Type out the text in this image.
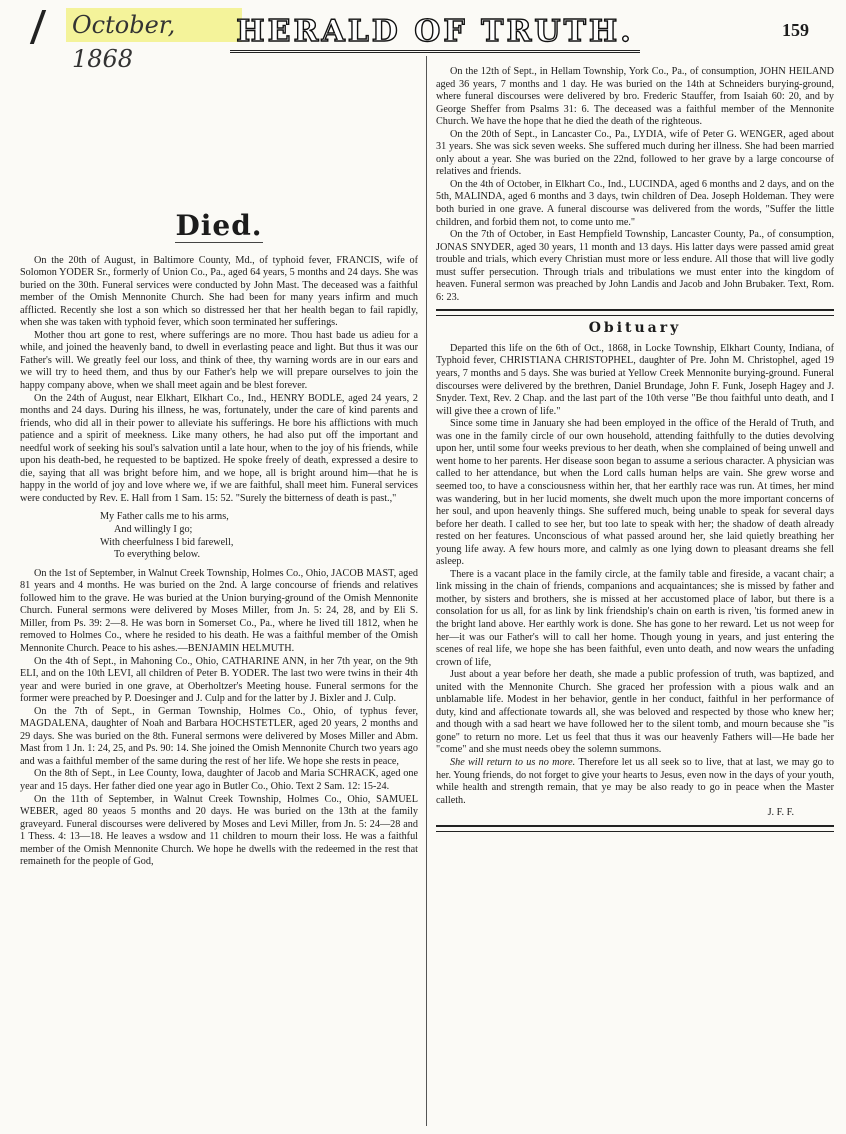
October, 1868
HERALD OF TRUTH.	159
Died.

On the 20th of August, in Baltimore County, Md., of typhoid fever, FRANCIS, wife of Solomon YODER Sr., formerly of Union Co., Pa., aged 64 years, 5 months and 24 days. She was buried on the 30th. Funeral services were conducted by John Mast. The deceased was a faithful member of the Omish Mennonite Church. She had been for many years infirm and much afflicted. Recently she lost a son which so distressed her that her health began to fail rapidly, when she was taken with typhoid fever, which soon terminated her sufferings.

Mother thou art gone to rest, where sufferings are no more. Thou hast bade us adieu for a while, and joined the heavenly band, to dwell in everlasting peace and light. But thus it was our Father's will. We greatly feel our loss, and think of thee, thy warning words are in our ears and we will try to heed them, and thus by our Father's help we will prepare ourselves to join the happy company above, when we shall meet again and be blest forever.

On the 24th of August, near Elkhart, Elkhart Co., Ind., HENRY BODLE, aged 24 years, 2 months and 24 days. During his illness, he was, fortunately, under the care of kind parents and friends, who did all in their power to alleviate his sufferings. He bore his afflictions with much patience and a spirit of meekness. Like many others, he had also put off the important and needful work of seeking his soul's salvation until a late hour, when to the joy of his friends, while upon his death-bed, he requested to be baptized. He spoke freely of death, expressed a desire to die, saying that all was bright before him, and we hope, all is bright around him—that he is happy in the world of joy and love where we, if we are faithful, shall meet him. Funeral services were conducted by Rev. E. Hall from 1 Sam. 15: 52. "Surely the bitterness of death is past.,"

My Father calls me to his arms,
And willingly I go;
With cheerfulness I bid farewell,
To everything below.

On the 1st of September, in Walnut Creek Township, Holmes Co., Ohio, JACOB MAST, aged 81 years and 4 months. He was buried on the 2nd. A large concourse of friends and relatives followed him to the grave. He was buried at the Union burying-ground of the Omish Mennonite Church. Funeral sermons were delivered by Moses Miller, from Jn. 5: 24, 28, and by Eli S. Miller, from Ps. 39: 2—8. He was born in Somerset Co., Pa., where he lived till 1812, when he removed to Holmes Co., where he resided to his death. He was a faithful member of the Omish Mennonite Church. Peace to his ashes.—BENJAMIN HELMUTH.

On the 4th of Sept., in Mahoning Co., Ohio, CATHARINE ANN, in her 7th year, on the 9th ELI, and on the 10th LEVI, all children of Peter B. YODER. The last two were twins in their 4th year and were buried in one grave, at Oberholtzer's Meeting house. Funeral sermons for the former were preached by P. Doesinger and J. Culp and for the latter by J. Bixler and J. Culp.

On the 7th of Sept., in German Township, Holmes Co., Ohio, of typhus fever, MAGDALENA, daughter of Noah and Barbara HOCHSTETLER, aged 20 years, 2 months and 29 days. She was buried on the 8th. Funeral sermons were delivered by Moses Miller and Abm. Mast from 1 Jn. 1: 24, 25, and Ps. 90: 14. She joined the Omish Mennonite Church two years ago and was a faithful member of the same during the rest of her life. We hope she rests in peace,

On the 8th of Sept., in Lee County, Iowa, daughter of Jacob and Maria SCHRACK, aged one year and 15 days. Her father died one year ago in Butler Co., Ohio. Text 2 Sam. 12: 15-24.

On the 11th of September, in Walnut Creek Township, Holmes Co., Ohio, SAMUEL WEBER, aged 80 yeaos 5 months and 20 days. He was buried on the 13th at the family graveyard. Funeral discourses were delivered by Moses and Levi Miller, from Jn. 5: 24—28 and 1 Thess. 4: 13—18. He leaves a wsdow and 11 children to mourn their loss. He was a faithful member of the Omish Mennonite Church. We hope he dwells with the redeemed in the rest that remaineth for the people of God,

On the 12th of Sept., in Hellam Township, York Co., Pa., of consumption, JOHN HEILAND aged 36 years, 7 months and 1 day. He was buried on the 14th at Schneiders burying-ground, where funeral discourses were delivered by bro. Frederic Stauffer, from Isaiah 60: 20, and by George Sheffer from Psalms 31: 6. The deceased was a faithful member of the Mennonite Church. We have the hope that he died the death of the righteous.

On the 20th of Sept., in Lancaster Co., Pa., LYDIA, wife of Peter G. WENGER, aged about 31 years. She was sick seven weeks. She suffered much during her illness. She had been married only about a year. She was buried on the 22nd, followed to her grave by a large concourse of relatives and friends.

On the 4th of October, in Elkhart Co., Ind., LUCINDA, aged 6 months and 2 days, and on the 5th, MALINDA, aged 6 months and 3 days, twin children of Dea. Joseph Holdeman. They were both buried in one grave. A funeral discourse was delivered from the words, "Suffer the little children, and forbid them not, to come unto me."

On the 7th of October, in East Hempfield Township, Lancaster County, Pa., of consumption, JONAS SNYDER, aged 30 years, 11 month and 13 days. His latter days were passed amid great trouble and trials, which every Christian must more or less endure. All those that will live godly must suffer persecution. Through trials and tribulations we must enter into the kingdom of heaven. Funeral sermon was preached by John Landis and Jacob and John Brubaker. Text, Rom. 6: 23.

Obituary

Departed this life on the 6th of Oct., 1868, in Locke Township, Elkhart County, Indiana, of Typhoid fever, CHRISTIANA CHRISTOPHEL, daughter of Pre. John M. Christophel, aged 19 years, 7 months and 5 days. She was buried at Yellow Creek Mennonite burying-ground. Funeral discourses were delivered by the brethren, Daniel Brundage, John F. Funk, Joseph Hagey and J. Snyder. Text, Rev. 2 Chap. and the last part of the 10th verse "Be thou faithful unto death, and I will give thee a crown of life."

Since some time in January she had been employed in the office of the Herald of Truth, and was one in the family circle of our own household, attending faithfully to the duties devolving upon her, until some four weeks previous to her death, when she complained of being unwell and went home to her parents. Her disease soon began to assume a serious character. A physician was called to her attendance, but when the Lord calls human helps are vain. She grew worse and seemed too, to have a consciousness within her, that her earthly race was run. At times, her mind was wandering, but in her lucid moments, she dwelt much upon the more important concerns of her soul, and upon heavenly things. She suffered much, being unable to speak for several days before her death. I called to see her, but too late to speak with her; the shadow of death already rested on her features. Unconscious of what passed around her, she laid quietly breathing her young life away. A few hours more, and calmly as one lying down to pleasant dreams she fell asleep.

There is a vacant place in the family circle, at the family table and fireside, a vacant chair; a link missing in the chain of friends, companions and acquaintances; she is missed by father and mother, by sisters and brothers, she is missed at her accustomed place of labor, but there is a consolation for us all, for as link by link friendship's chain on earth is riven, 'tis formed anew in the bright land above. Her earthly work is done. She has gone to her reward. Let us not weep for her—it was our Father's will to call her home. Though young in years, and just entering the scenes of real life, we hope she has been faithful, even unto death, and now wears the unfading crown of life,

Just about a year before her death, she made a public profession of truth, was baptized, and united with the Mennonite Church. She graced her profession with a pious walk and an unblamable life. Modest in her behavior, gentle in her conduct, faithful in her performance of duty, kind and affectionate towards all, she was beloved and respected by those who knew her; and though with a sad heart we have followed her to the silent tomb, and mourn because she "is gone" to return no more. Let us feel that thus it was our heavenly Fathers will—He bade her "come" and she must needs obey the solemn summons.

She will return to us no more. Therefore let us all seek so to live, that at last, we may go to her. Young friends, do not forget to give your hearts to Jesus, even now in the days of your youth, while health and strength remain, that ye may be also ready to go in peace when the Master calleth.

J. F. F.
